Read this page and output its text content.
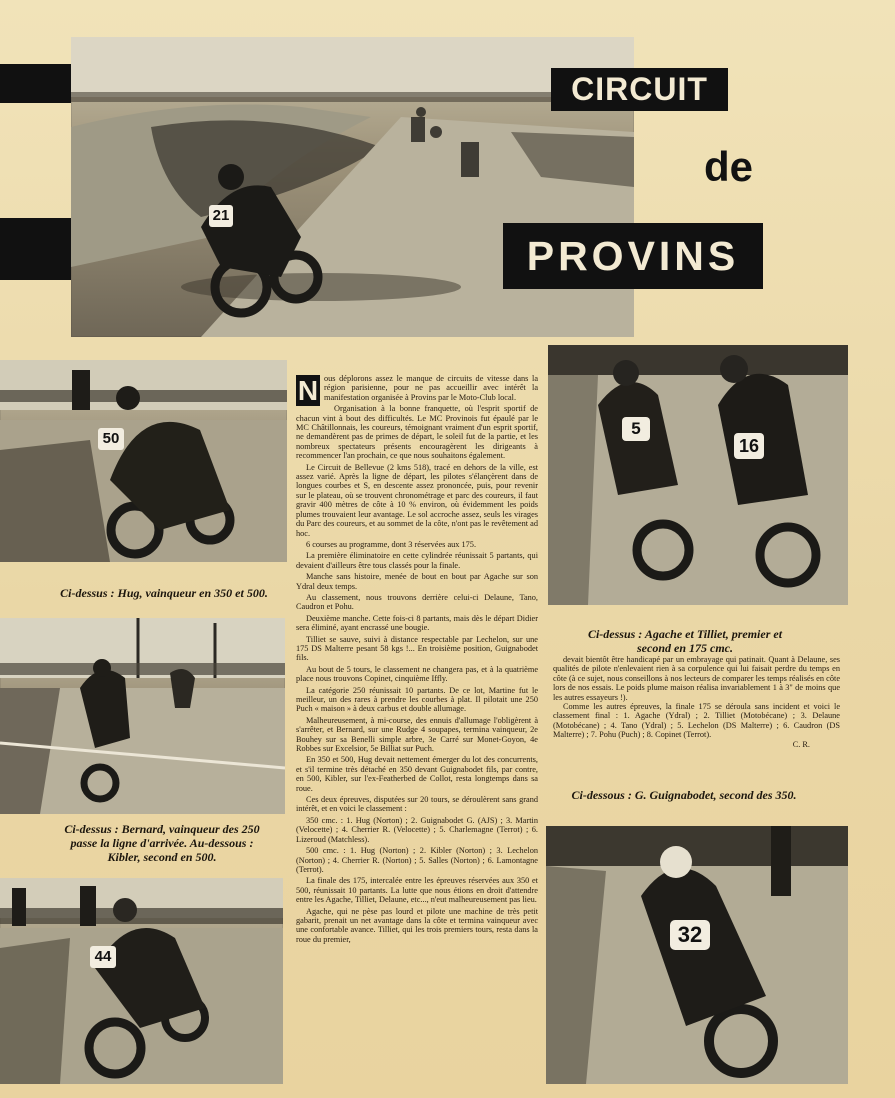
21
CIRCUIT
de
PROVINS
50
Ci-dessus : Hug, vainqueur en 350 et 500.
Ci-dessus : Bernard, vainqueur des 250 passe la ligne d'arrivée. Au-dessous : Kibler, second en 500.
44
5
16
Ci-dessus : Agache et Tilliet, premier et second en 175 cmc.

devait bientôt être handicapé par un embrayage qui patinait. Quant à Delaune, ses qualités de pilote n'enlevaient rien à sa corpulence qui lui faisait perdre du temps en côte (à ce sujet, nous conseillons à nos lecteurs de comparer les temps réalisés en côte lors de nos essais. Le poids plume maison réalisa invariablement 1 à 3" de moins que les autres essayeurs !).

Comme les autres épreuves, la finale 175 se déroula sans incident et voici le classement final : 1. Agache (Ydral) ; 2. Tilliet (Motobécane) ; 3. Delaune (Motobécane) ; 4. Tano (Ydral) ; 5. Lechelon (DS Malterre) ; 6. Caudron (DS Malterre) ; 7. Pohu (Puch) ; 8. Copinet (Terrot).

C. R.

Ci-dessous : G. Guignabodet, second des 350.
32

N ous déplorons assez le manque de circuits de vitesse dans la région parisienne, pour ne pas accueillir avec intérêt la manifestation organisée à Provins par le Moto-Club local.

Organisation à la bonne franquette, où l'esprit sportif de chacun vint à bout des difficultés. Le MC Provinois fut épaulé par le MC Châtillonnais, les coureurs, témoignant vraiment d'un esprit sportif, ne demandèrent pas de primes de départ, le soleil fut de la partie, et les nombreux spectateurs présents encouragèrent les dirigeants à recommencer l'an prochain, ce que nous souhaitons également.

Le Circuit de Bellevue (2 kms 518), tracé en dehors de la ville, est assez varié. Après la ligne de départ, les pilotes s'élançèrent dans de longues courbes et S, en descente assez prononcée, puis, pour revenir sur le plateau, où se trouvent chronométrage et parc des coureurs, il faut gravir 400 mètres de côte à 10 % environ, où évidemment les poids plumes trouvaient leur avantage. Le sol accroche assez, seuls les virages du Parc des coureurs, et au sommet de la côte, n'ont pas le revêtement ad hoc.

6 courses au programme, dont 3 réservées aux 175.

La première éliminatoire en cette cylindrée réunissait 5 partants, qui devaient d'ailleurs être tous classés pour la finale.

Manche sans histoire, menée de bout en bout par Agache sur son Ydral deux temps.

Au classement, nous trouvons derrière celui-ci Delaune, Tano, Caudron et Pohu.

Deuxième manche. Cette fois-ci 8 partants, mais dès le départ Didier sera éliminé, ayant encrassé une bougie.

Tilliet se sauve, suivi à distance respectable par Lechelon, sur une 175 DS Malterre pesant 58 kgs !... En troisième position, Guignabodet fils.

Au bout de 5 tours, le classement ne changera pas, et à la quatrième place nous trouvons Copinet, cinquième Iffly.

La catégorie 250 réunissait 10 partants. De ce lot, Martine fut le meilleur, un des rares à prendre les courbes à plat. Il pilotait une 250 Puch « maison » à deux carbus et double allumage.

Malheureusement, à mi-course, des ennuis d'allumage l'obligèrent à s'arrêter, et Bernard, sur une Rudge 4 soupapes, termina vainqueur, 2e Bouhey sur sa Benelli simple arbre, 3e Carré sur Monet-Goyon, 4e Robbes sur Excelsior, 5e Billiat sur Puch.

En 350 et 500, Hug devait nettement émerger du lot des concurrents, et s'il termine très détaché en 350 devant Guignabodet fils, par contre, en 500, Kibler, sur l'ex-Featherbed de Collot, resta longtemps dans sa roue.

Ces deux épreuves, disputées sur 20 tours, se déroulèrent sans grand intérêt, et en voici le classement :

350 cmc. : 1. Hug (Norton) ; 2. Guignabodet G. (AJS) ; 3. Martin (Velocette) ; 4. Cherrier R. (Velocette) ; 5. Charlemagne (Terrot) ; 6. Lizeroud (Matchless).

500 cmc. : 1. Hug (Norton) ; 2. Kibler (Norton) ; 3. Lechelon (Norton) ; 4. Cherrier R. (Norton) ; 5. Salles (Norton) ; 6. Lamontagne (Terrot).

La finale des 175, intercalée entre les épreuves réservées aux 350 et 500, réunissait 10 partants. La lutte que nous étions en droit d'attendre entre les Agache, Tilliet, Delaune, etc..., n'eut malheureusement pas lieu.

Agache, qui ne pèse pas lourd et pilote une machine de très petit gabarit, prenait un net avantage dans la côte et termina vainqueur avec une confortable avance. Tilliet, qui les trois premiers tours, resta dans la roue du premier,
